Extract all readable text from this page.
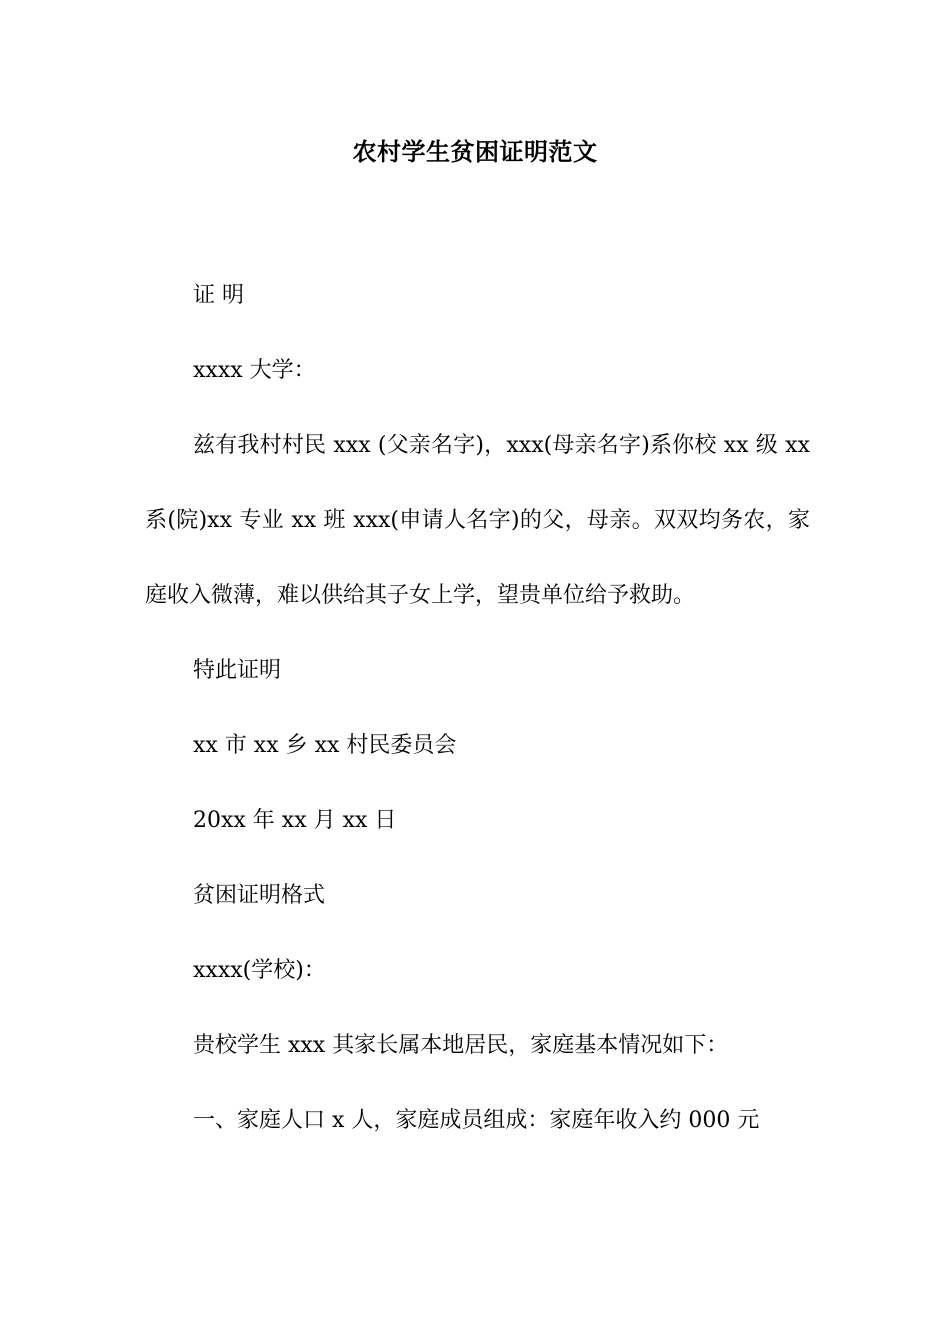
农村学生贫困证明范文

证 明

xxxx 大学：

兹有我村村民 xxx (父亲名字)，xxx(母亲名字)系你校 xx 级 xx 系(院)xx 专业 xx 班 xxx(申请人名字)的父，母亲。双双均务农，家庭收入微薄，难以供给其子女上学，望贵单位给予救助。

特此证明

xx 市 xx 乡 xx 村民委员会

20xx 年 xx 月 xx 日

贫困证明格式

xxxx(学校)：

贵校学生 xxx 其家长属本地居民，家庭基本情况如下：

一、家庭人口 x 人，家庭成员组成：家庭年收入约 000 元
